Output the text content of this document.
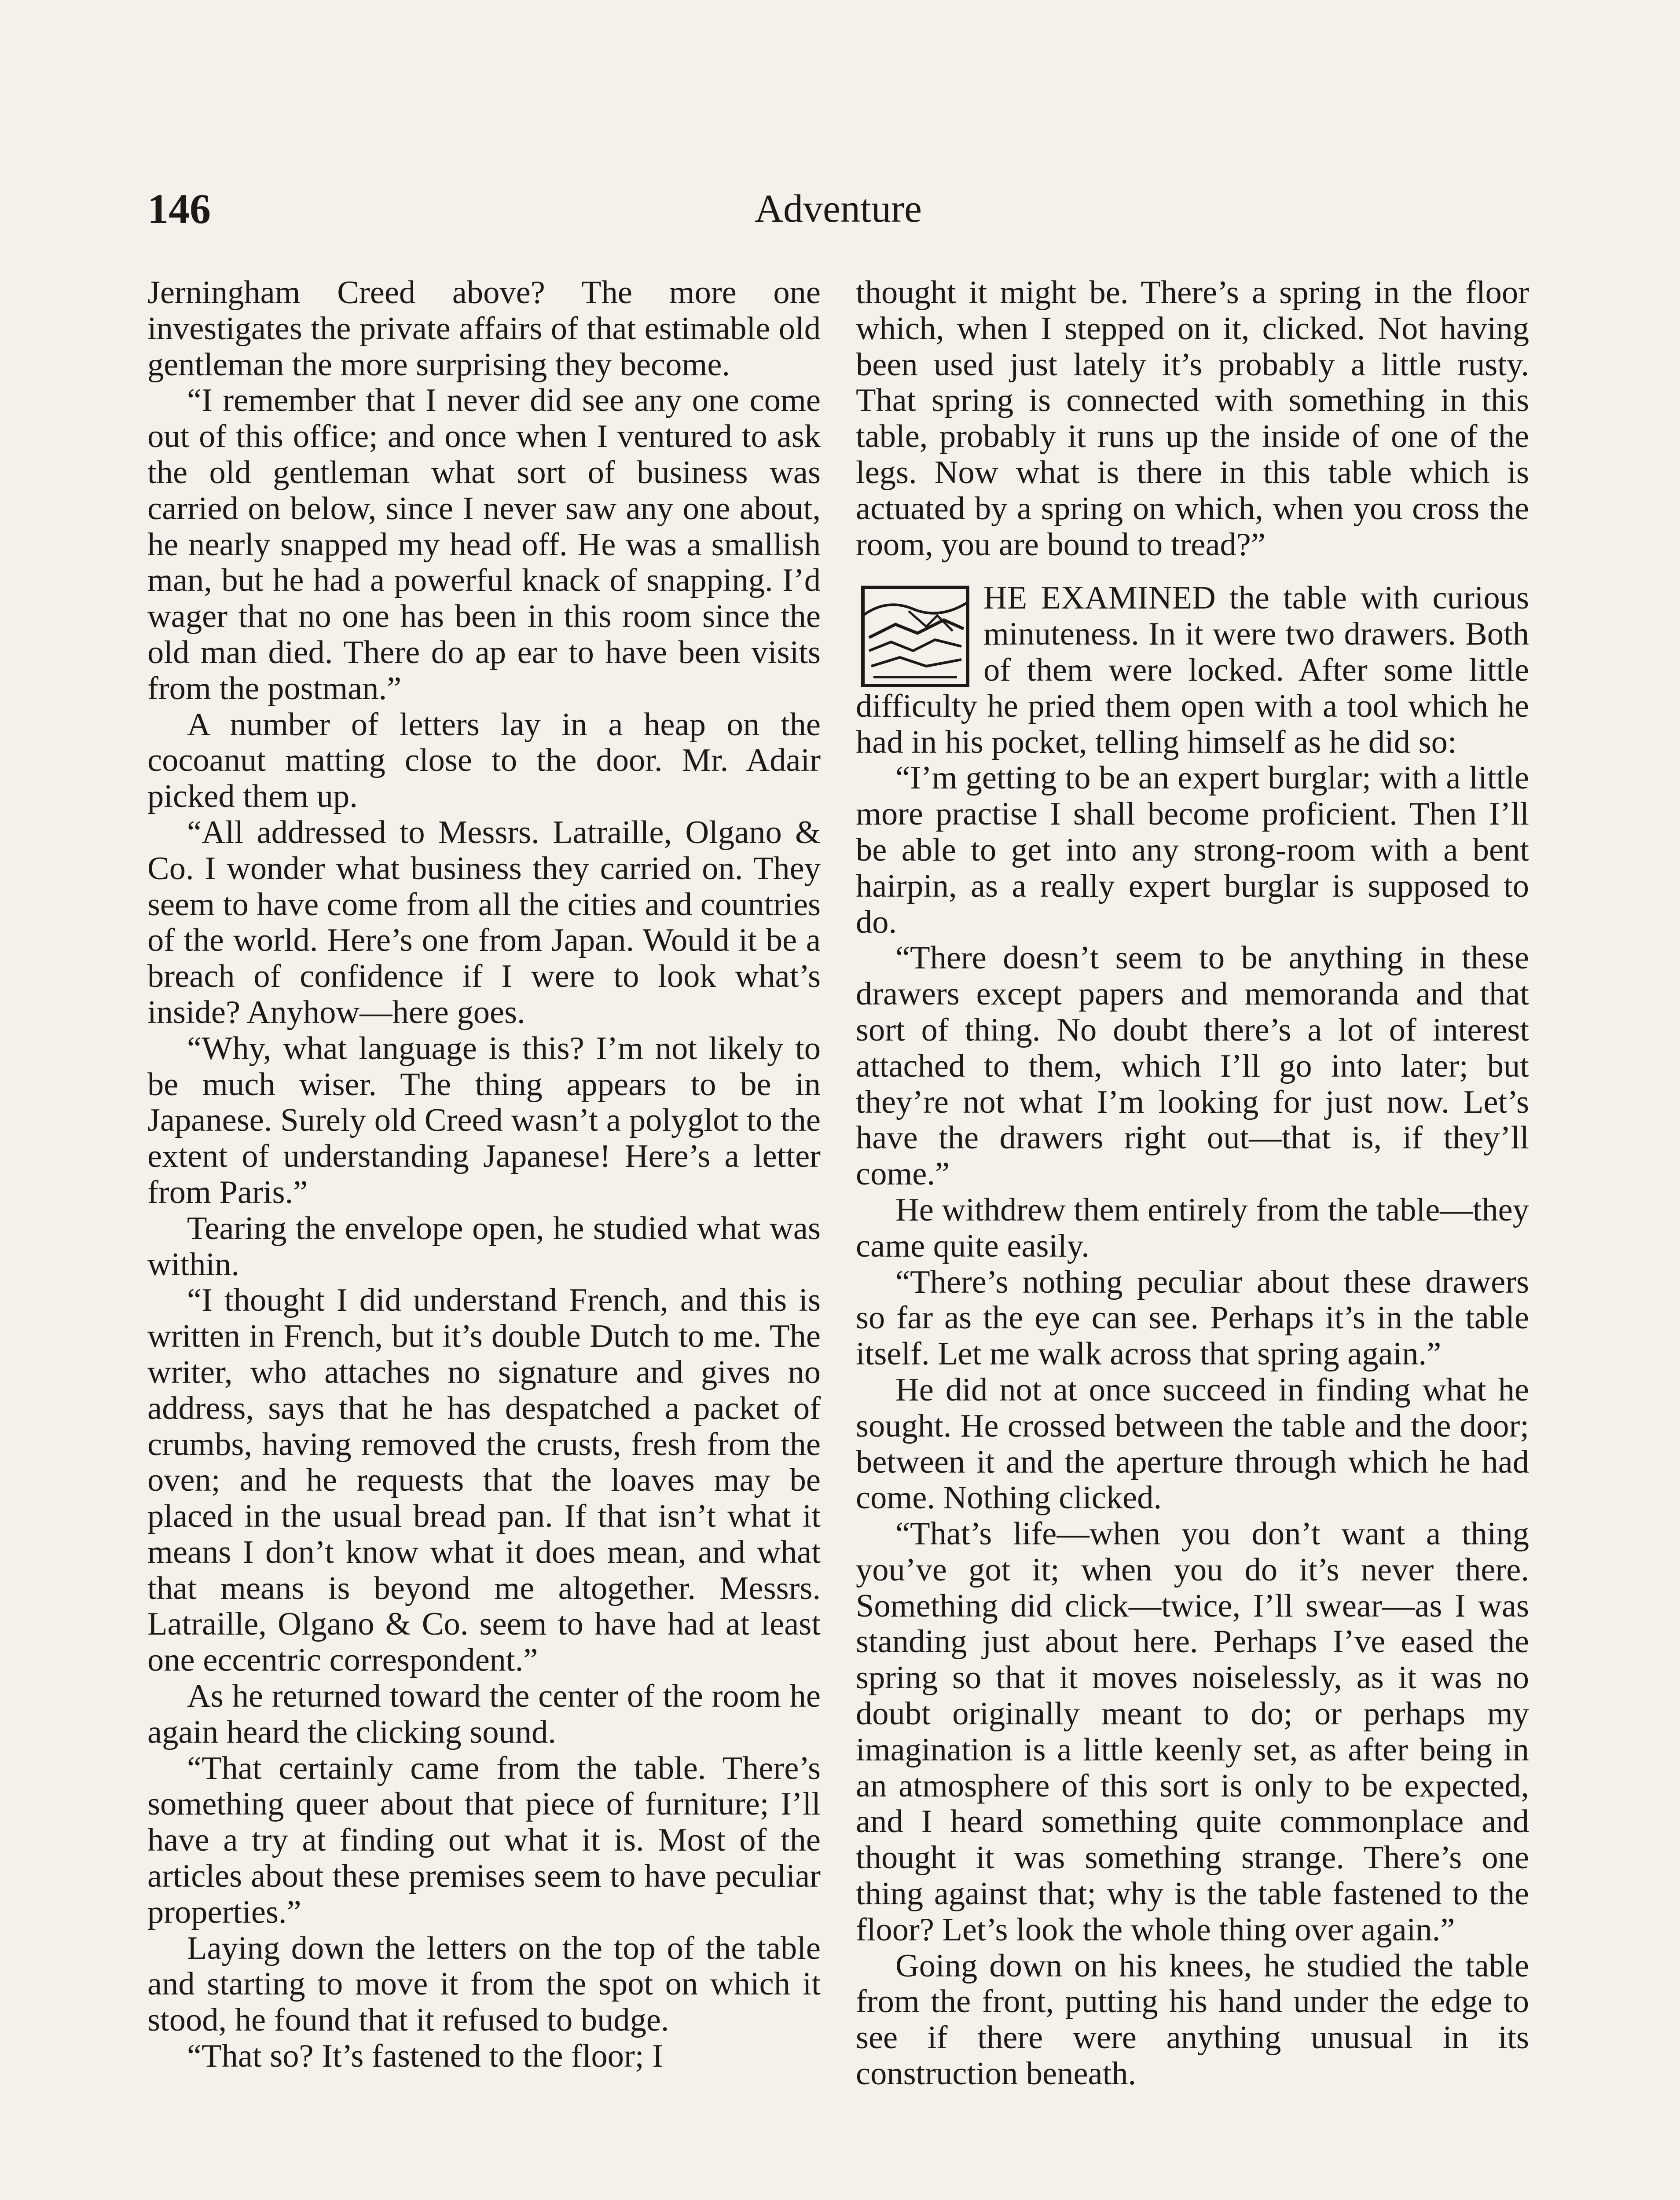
146	Adventure

Jerningham Creed above? The more one investigates the private affairs of that estimable old gentleman the more surprising they become.

“I remember that I never did see any one come out of this office; and once when I ventured to ask the old gentleman what sort of business was carried on below, since I never saw any one about, he nearly snapped my head off. He was a smallish man, but he had a powerful knack of snapping. I’d wager that no one has been in this room since the old man died. There do ap ear to have been visits from the postman.”

A number of letters lay in a heap on the cocoanut matting close to the door. Mr. Adair picked them up.

“All addressed to Messrs. Latraille, Olgano & Co. I wonder what business they carried on. They seem to have come from all the cities and countries of the world. Here’s one from Japan. Would it be a breach of confidence if I were to look what’s inside? Anyhow—here goes.

“Why, what language is this? I’m not likely to be much wiser. The thing appears to be in Japanese. Surely old Creed wasn’t a polyglot to the extent of understanding Japanese! Here’s a letter from Paris.”

Tearing the envelope open, he studied what was within.

“I thought I did understand French, and this is written in French, but it’s double Dutch to me. The writer, who attaches no signature and gives no address, says that he has despatched a packet of crumbs, having removed the crusts, fresh from the oven; and he requests that the loaves may be placed in the usual bread pan. If that isn’t what it means I don’t know what it does mean, and what that means is beyond me altogether. Messrs. Latraille, Olgano & Co. seem to have had at least one eccentric correspondent.”

As he returned toward the center of the room he again heard the clicking sound.

“That certainly came from the table. There’s something queer about that piece of furniture; I’ll have a try at finding out what it is. Most of the articles about these premises seem to have peculiar properties.”

Laying down the letters on the top of the table and starting to move it from the spot on which it stood, he found that it refused to budge.

“That so? It’s fastened to the floor; I

thought it might be. There’s a spring in the floor which, when I stepped on it, clicked. Not having been used just lately it’s probably a little rusty. That spring is connected with something in this table, probably it runs up the inside of one of the legs. Now what is there in this table which is actuated by a spring on which, when you cross the room, you are bound to tread?”

HE EXAMINED the table with curious minuteness. In it were two drawers. Both of them were locked. After some little difficulty he pried them open with a tool which he had in his pocket, telling himself as he did so:

“I’m getting to be an expert burglar; with a little more practise I shall become proficient. Then I’ll be able to get into any strong-room with a bent hairpin, as a really expert burglar is supposed to do.

“There doesn’t seem to be anything in these drawers except papers and memoranda and that sort of thing. No doubt there’s a lot of interest attached to them, which I’ll go into later; but they’re not what I’m looking for just now. Let’s have the drawers right out—that is, if they’ll come.”

He withdrew them entirely from the table—they came quite easily.

“There’s nothing peculiar about these drawers so far as the eye can see. Perhaps it’s in the table itself. Let me walk across that spring again.”

He did not at once succeed in finding what he sought. He crossed between the table and the door; between it and the aperture through which he had come. Nothing clicked.

“That’s life—when you don’t want a thing you’ve got it; when you do it’s never there. Something did click—twice, I’ll swear—as I was standing just about here. Perhaps I’ve eased the spring so that it moves noiselessly, as it was no doubt originally meant to do; or perhaps my imagination is a little keenly set, as after being in an atmosphere of this sort is only to be expected, and I heard something quite commonplace and thought it was something strange. There’s one thing against that; why is the table fastened to the floor? Let’s look the whole thing over again.”

Going down on his knees, he studied the table from the front, putting his hand under the edge to see if there were anything unusual in its construction beneath.
